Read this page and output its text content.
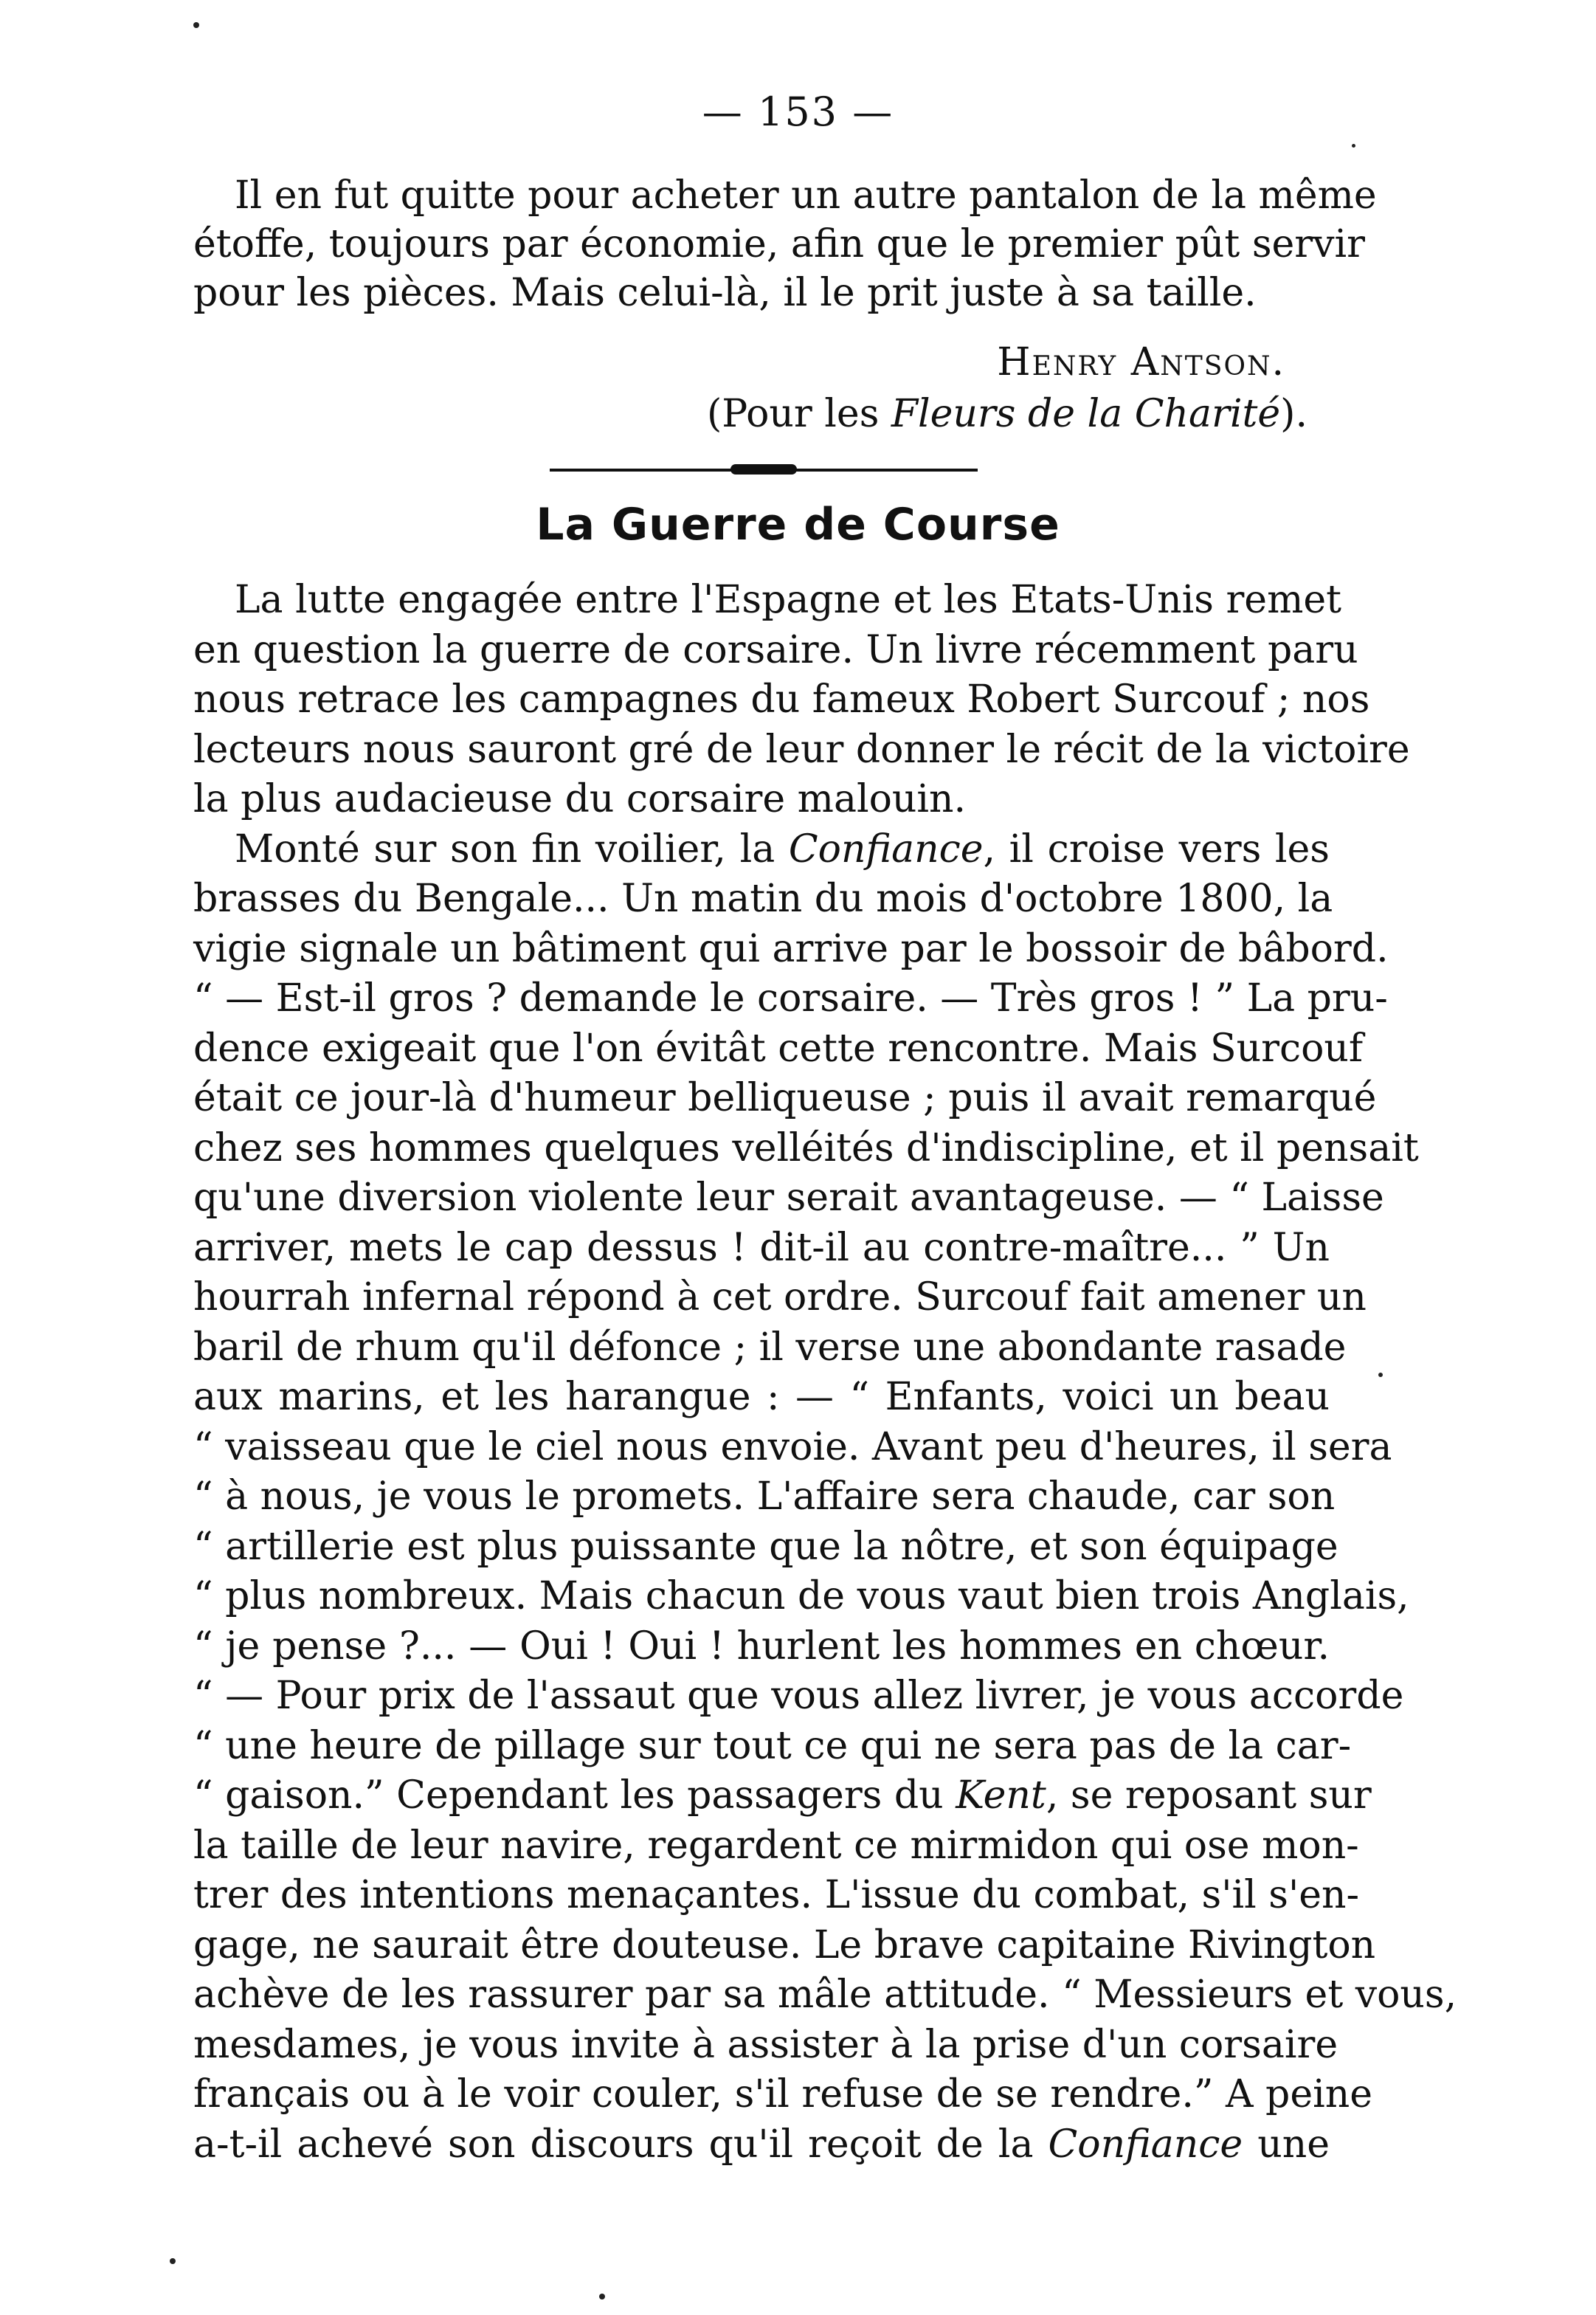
— 153 —
Il en fut quitte pour acheter un autre pantalon de la même
étoffe, toujours par économie, afin que le premier pût servir
pour les pièces. Mais celui-là, il le prit juste à sa taille.
Henry Antson.
(Pour les Fleurs de la Charité).
La Guerre de Course
La lutte engagée entre l'Espagne et les Etats-Unis remet
en question la guerre de corsaire. Un livre récemment paru
nous retrace les campagnes du fameux Robert Surcouf ; nos
lecteurs nous sauront gré de leur donner le récit de la victoire
la plus audacieuse du corsaire malouin.
Monté sur son fin voilier, la Confiance, il croise vers les
brasses du Bengale... Un matin du mois d'octobre 1800, la
vigie signale un bâtiment qui arrive par le bossoir de bâbord.
“ — Est-il gros ? demande le corsaire. — Très gros ! ” La pru-
dence exigeait que l'on évitât cette rencontre. Mais Surcouf
était ce jour-là d'humeur belliqueuse ; puis il avait remarqué
chez ses hommes quelques velléités d'indiscipline, et il pensait
qu'une diversion violente leur serait avantageuse. — “ Laisse
arriver, mets le cap dessus ! dit-il au contre-maître... ” Un
hourrah infernal répond à cet ordre. Surcouf fait amener un
baril de rhum qu'il défonce ; il verse une abondante rasade
aux marins, et les harangue : — “ Enfants, voici un beau
“ vaisseau que le ciel nous envoie. Avant peu d'heures, il sera
“ à nous, je vous le promets. L'affaire sera chaude, car son
“ artillerie est plus puissante que la nôtre, et son équipage
“ plus nombreux. Mais chacun de vous vaut bien trois Anglais,
“ je pense ?... — Oui ! Oui ! hurlent les hommes en chœur.
“ — Pour prix de l'assaut que vous allez livrer, je vous accorde
“ une heure de pillage sur tout ce qui ne sera pas de la car-
“ gaison.” Cependant les passagers du Kent, se reposant sur
la taille de leur navire, regardent ce mirmidon qui ose mon-
trer des intentions menaçantes. L'issue du combat, s'il s'en-
gage, ne saurait être douteuse. Le brave capitaine Rivington
achève de les rassurer par sa mâle attitude. “ Messieurs et vous,
mesdames, je vous invite à assister à la prise d'un corsaire
français ou à le voir couler, s'il refuse de se rendre.” A peine
a-t-il achevé son discours qu'il reçoit de la Confiance une
